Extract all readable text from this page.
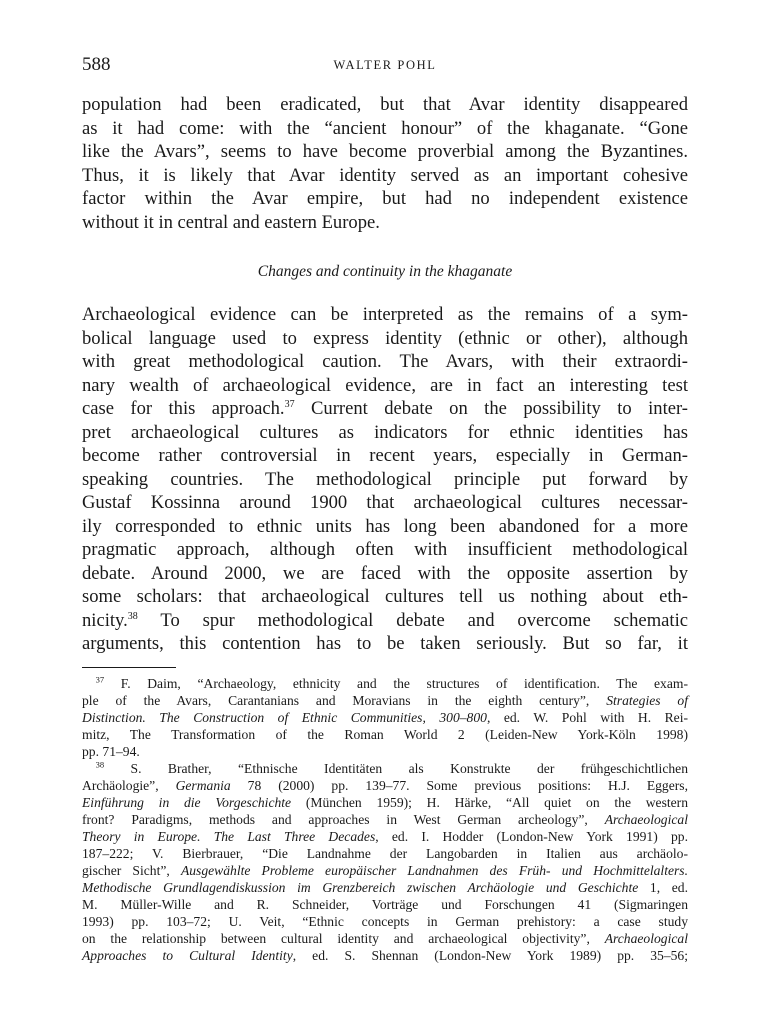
588	WALTER POHL
population had been eradicated, but that Avar identity disappeared
as it had come: with the “ancient honour” of the khaganate. “Gone
like the Avars”, seems to have become proverbial among the Byzantines.
Thus, it is likely that Avar identity served as an important cohesive
factor within the Avar empire, but had no independent existence
without it in central and eastern Europe.
Changes and continuity in the khaganate
Archaeological evidence can be interpreted as the remains of a sym-
bolical language used to express identity (ethnic or other), although
with great methodological caution. The Avars, with their extraordi-
nary wealth of archaeological evidence, are in fact an interesting test
case for this approach.$^{37}$ Current debate on the possibility to inter-
pret archaeological cultures as indicators for ethnic identities has
become rather controversial in recent years, especially in German-
speaking countries. The methodological principle put forward by
Gustaf Kossinna around 1900 that archaeological cultures necessar-
ily corresponded to ethnic units has long been abandoned for a more
pragmatic approach, although often with insufficient methodological
debate. Around 2000, we are faced with the opposite assertion by
some scholars: that archaeological cultures tell us nothing about eth-
nicity.$^{38}$ To spur methodological debate and overcome schematic
arguments, this contention has to be taken seriously. But so far, it
 $^{37}$ F. Daim, “Archaeology, ethnicity and the structures of identification. The exam-
ple of the Avars, Carantanians and Moravians in the eighth century”, Strategies of
Distinction. The Construction of Ethnic Communities, 300–800, ed. W. Pohl with H. Rei-
mitz, The Transformation of the Roman World 2 (Leiden-New York-Köln 1998)
pp. 71–94.
 $^{38}$ S. Brather, “Ethnische Identitäten als Konstrukte der frühgeschichtlichen
Archäologie”, Germania 78 (2000) pp. 139–77. Some previous positions: H.J. Eggers,
Einführung in die Vorgeschichte (München 1959); H. Härke, “All quiet on the western
front? Paradigms, methods and approaches in West German archeology”, Archaeological
Theory in Europe. The Last Three Decades, ed. I. Hodder (London-New York 1991) pp.
187–222; V. Bierbrauer, “Die Landnahme der Langobarden in Italien aus archäolo-
gischer Sicht”, Ausgewählte Probleme europäischer Landnahmen des Früh- und Hochmittelalters.
Methodische Grundlagendiskussion im Grenzbereich zwischen Archäologie und Geschichte 1, ed.
M. Müller-Wille and R. Schneider, Vorträge und Forschungen 41 (Sigmaringen
1993) pp. 103–72; U. Veit, “Ethnic concepts in German prehistory: a case study
on the relationship between cultural identity and archaeological objectivity”, Archaeological
Approaches to Cultural Identity, ed. S. Shennan (London-New York 1989) pp. 35–56;
